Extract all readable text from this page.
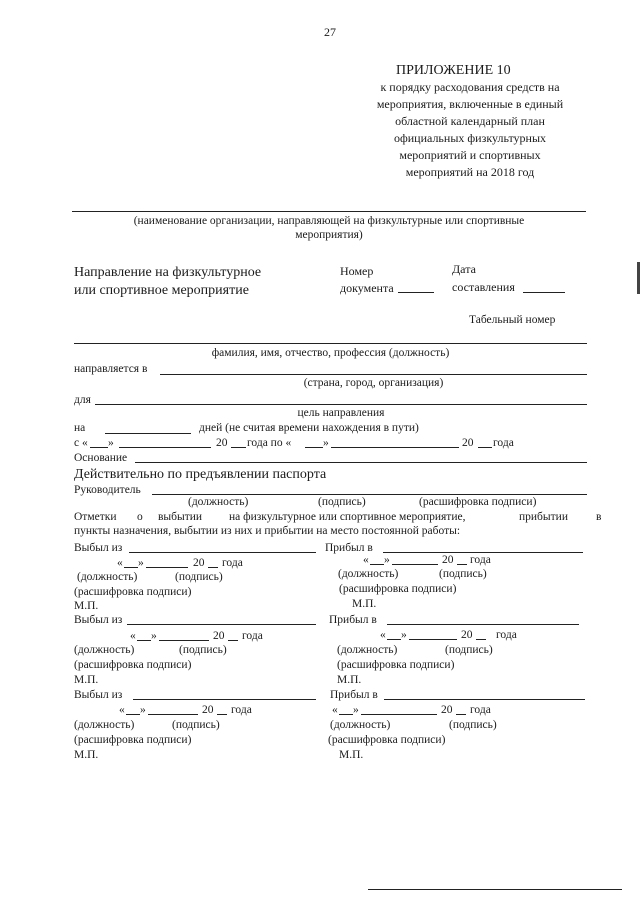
27
ПРИЛОЖЕНИЕ 10
к порядку расходования средств на
мероприятия, включенные в единый
областной календарный план
официальных физкультурных
мероприятий и спортивных
мероприятий на 2018 год
(наименование организации, направляющей на физкультурные или спортивные
мероприятия)
Направление на физкультурное
или спортивное мероприятие
Номер
документа
Дата
составления
Табельный номер
фамилия, имя, отчество, профессия (должность)
направляется в
(страна, город, организация)
для
цель направления
на	дней (не считая времени нахождения в пути)
с « »	20 года по «	»	20 года
Основание
Действительно по предъявлении паспорта
Руководитель
(должность)	(подпись)	(расшифровка подписи)
Отметки о выбытии на физкультурное или спортивное мероприятие,	прибытии в
пункты назначения, выбытии из них и прибытии на место постоянной работы:
Выбыл из	Прибыл в
« »	20 года	« »	20 года
(должность)	(подпись)	(должность)	(подпись)
(расшифровка подписи)	(расшифровка подписи)
М.П.	М.П.
Выбыл из	Прибыл в
« »	20 года	« »	20 года
(должность)	(подпись)	(должность)	(подпись)
(расшифровка подписи)	(расшифровка подписи)
М.П.	М.П.
Выбыл из	Прибыл в
« »	20 года	« »	20 года
(должность)	(подпись)	(должность)	(подпись)
(расшифровка подписи)	(расшифровка подписи)
М.П.	М.П.
